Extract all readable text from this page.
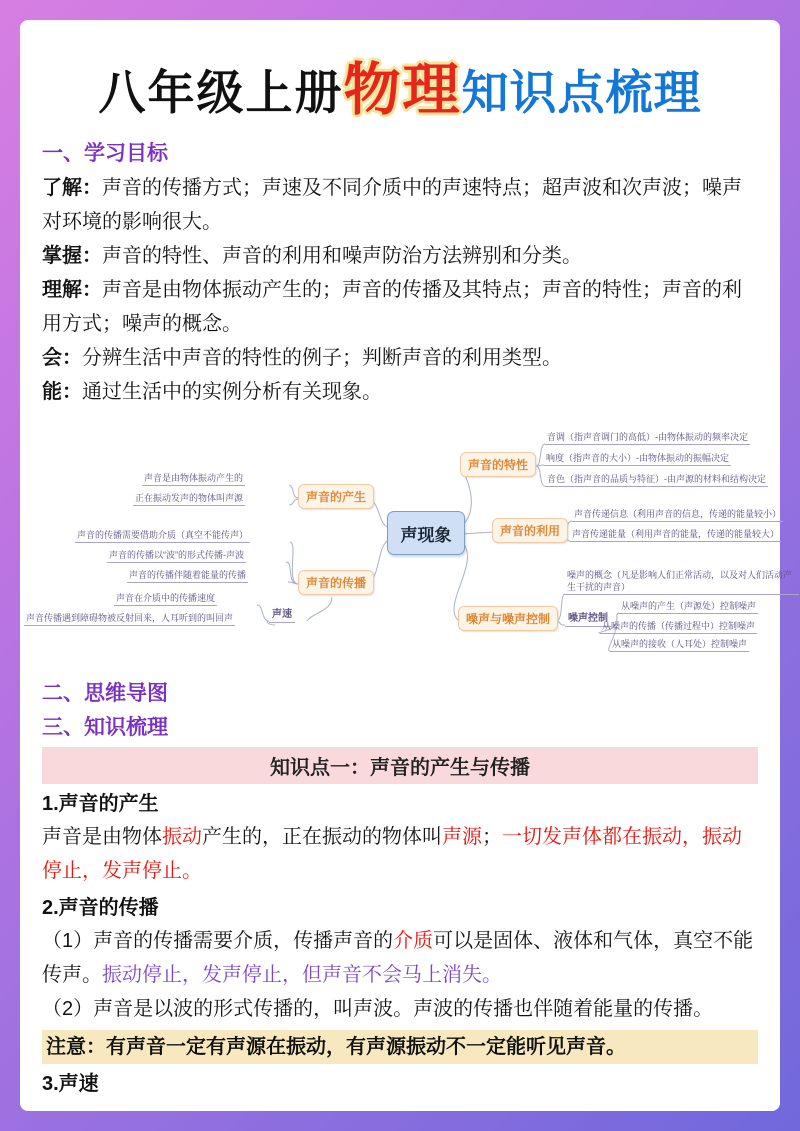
八年级上册物理知识点梳理
一、学习目标

了解：声音的传播方式；声速及不同介质中的声速特点；超声波和次声波；噪声对环境的影响很大。

掌握：声音的特性、声音的利用和噪声防治方法辨别和分类。

理解：声音是由物体振动产生的；声音的传播及其特点；声音的特性；声音的利用方式；噪声的概念。

会：分辨生活中声音的特性的例子；判断声音的利用类型。

能：通过生活中的实例分析有关现象。

声现象
声音的产生
声音的传播
声音的特性
声音的利用
噪声与噪声控制
声音是由物体振动产生的
正在振动发声的物体叫声源
声音的传播需要借助介质（真空不能传声）
声音的传播以“波”的形式传播-声波
声音的传播伴随着能量的传播
声速
声音在介质中的传播速度
声音传播遇到障碍物被反射回来，人耳听到的叫回声
音调（指声音调门的高低）-由物体振动的频率决定
响度（指声音的大小）-由物体振动的振幅决定
音色（指声音的品质与特征）-由声源的材料和结构决定
声音传递信息（利用声音的信息，传递的能量较小）
声音传递能量（利用声音的能量，传递的能量较大）
噪声的概念（凡是影响人们正常活动，以及对人们活动产生干扰的声音）
噪声控制
从噪声的产生（声源处）控制噪声
从噪声的传播（传播过程中）控制噪声
从噪声的接收（人耳处）控制噪声
二、思维导图
三、知识梳理
知识点一：声音的产生与传播

1.声音的产生

声音是由物体振动产生的，正在振动的物体叫声源；一切发声体都在振动，振动停止，发声停止。

2.声音的传播

（1）声音的传播需要介质，传播声音的介质可以是固体、液体和气体，真空不能传声。振动停止，发声停止，但声音不会马上消失。

（2）声音是以波的形式传播的，叫声波。声波的传播也伴随着能量的传播。

注意：有声音一定有声源在振动，有声源振动不一定能听见声音。

3.声速
